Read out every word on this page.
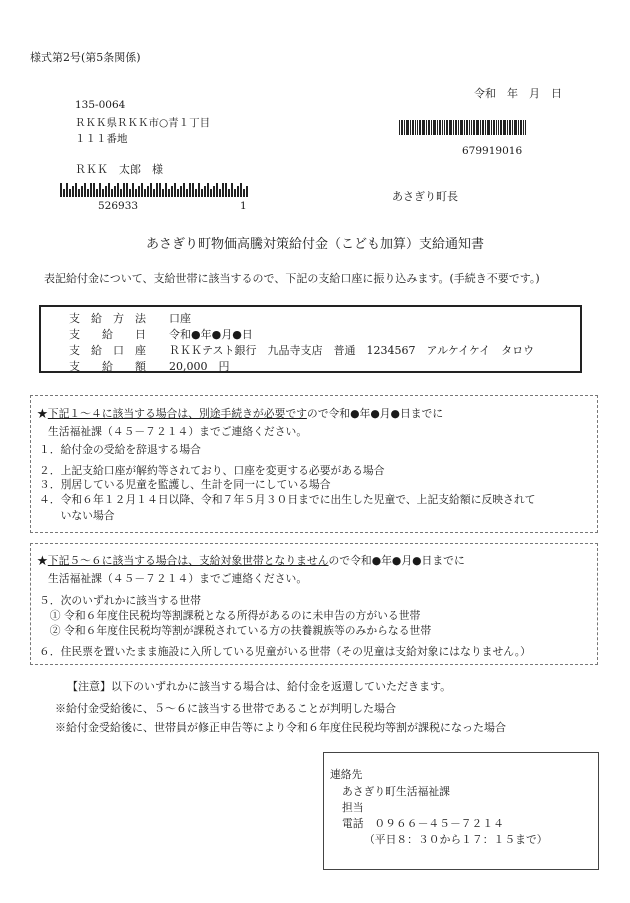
様式第2号(第5条関係)
令和　年　月　日
135-0064
ＲＫＫ県ＲＫＫ市○青１丁目
１１１番地
ＲＫＫ　太郎　様
526933	1
679919016
あさぎり町長
あさぎり町物価高騰対策給付金（こども加算）支給通知書
表記給付金について、支給世帯に該当するので、下記の支給口座に振り込みます。(手続き不要です。)
支　給　方　法	口座
支　　給　　日	令和●年●月●日
支　給　口　座	ＲＫＫテスト銀行　九品寺支店　普通　1234567　アルケイケイ　タロウ
支　　給　　額	20,000　円
★下記１～４に該当する場合は、別途手続きが必要ですので令和●年●月●日までに
生活福祉課（４５－７２１４）までご連絡ください。
１．給付金の受給を辞退する場合
２．上記支給口座が解約等されており、口座を変更する必要がある場合
３．別居している児童を監護し、生計を同一にしている場合
４．令和６年１２月１４日以降、令和７年５月３０日までに出生した児童で、上記支給額に反映されて
　　いない場合
★下記５～６に該当する場合は、支給対象世帯となりませんので令和●年●月●日までに
生活福祉課（４５－７２１４）までご連絡ください。
５．次のいずれかに該当する世帯
　① 令和６年度住民税均等割課税となる所得があるのに未申告の方がいる世帯
　② 令和６年度住民税均等割が課税されている方の扶養親族等のみからなる世帯
６．住民票を置いたまま施設に入所している児童がいる世帯（その児童は支給対象にはなりません。）
【注意】以下のいずれかに該当する場合は、給付金を返還していただきます。
※給付金受給後に、５～６に該当する世帯であることが判明した場合
※給付金受給後に、世帯員が修正申告等により令和６年度住民税均等割が課税になった場合
連絡先
あさぎり町生活福祉課
担当
電話　０９６６－４５－７２１４
（平日８：３０から１７：１５まで）
